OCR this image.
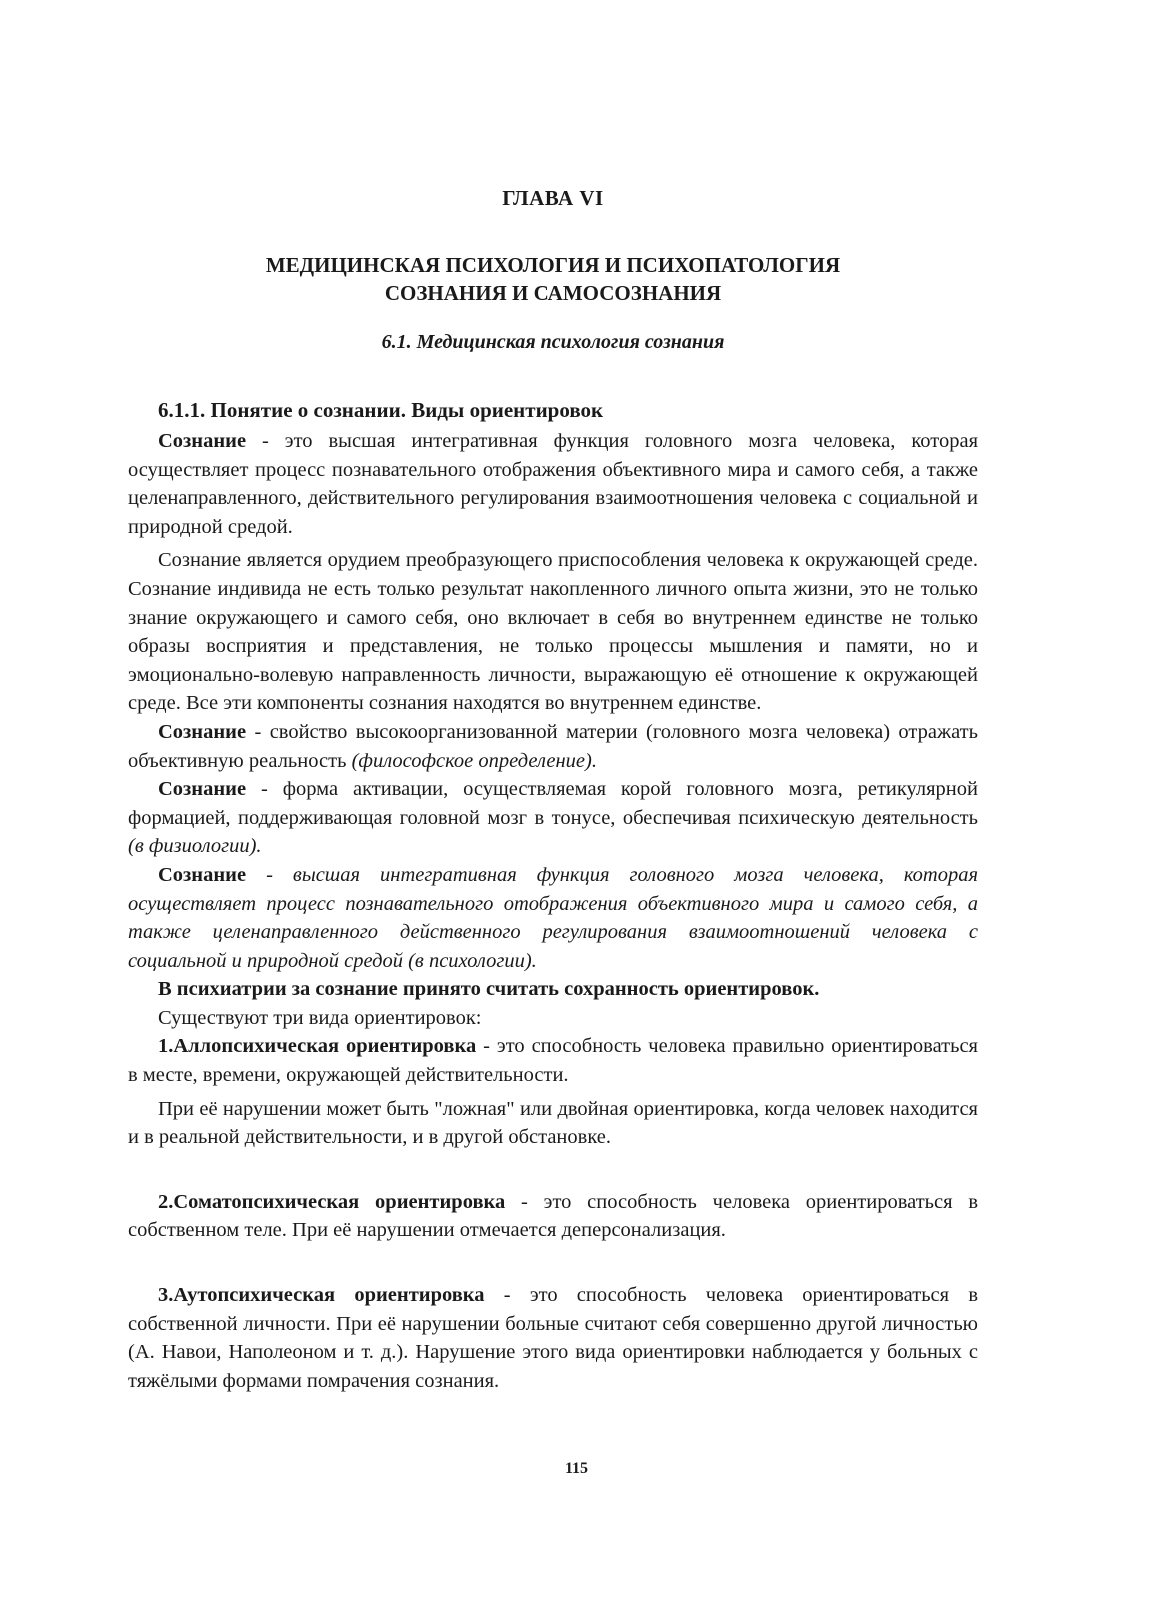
ГЛАВА VI
МЕДИЦИНСКАЯ ПСИХОЛОГИЯ И ПСИХОПАТОЛОГИЯ
СОЗНАНИЯ И САМОСОЗНАНИЯ
6.1. Медицинская психология сознания
6.1.1. Понятие о сознании. Виды ориентировок

Сознание - это высшая интегративная функция головного мозга человека, которая осуществляет процесс познавательного отображения объективного мира и самого себя, а также целенаправленного, действительного регулирования взаимоотношения человека с социальной и природной средой.

Сознание является орудием преобразующего приспособления человека к окружающей среде. Сознание индивида не есть только результат накопленного личного опыта жизни, это не только знание окружающего и самого себя, оно включает в себя во внутреннем единстве не только образы восприятия и представления, не только процессы мышления и памяти, но и эмоционально-волевую направленность личности, выражающую её отношение к окружающей среде. Все эти компоненты сознания находятся во внутреннем единстве.

Сознание - свойство высокоорганизованной материи (головного мозга человека) отражать объективную реальность (философское определение).

Сознание - форма активации, осуществляемая корой головного мозга, ретикулярной формацией, поддерживающая головной мозг в тонусе, обеспечивая психическую деятельность (в физиологии).

Сознание - высшая интегративная функция головного мозга человека, которая осуществляет процесс познавательного отображения объективного мира и самого себя, а также целенаправленного действенного регулирования взаимоотношений человека с социальной и природной средой (в психологии).

В психиатрии за сознание принято считать сохранность ориентировок.

Существуют три вида ориентировок:

1.Аллопсихическая ориентировка - это способность человека правильно ориентироваться в месте, времени, окружающей действительности.

При её нарушении может быть "ложная" или двойная ориентировка, когда человек находится и в реальной действительности, и в другой обстановке.

2.Соматопсихическая ориентировка - это способность человека ориентироваться в собственном теле. При её нарушении отмечается деперсонализация.

3.Аутопсихическая ориентировка - это способность человека ориентироваться в собственной личности. При её нарушении больные считают себя совершенно другой личностью (А. Навои, Наполеоном и т. д.). Нарушение этого вида ориентировки наблюдается у больных с тяжёлыми формами помрачения сознания.

115
